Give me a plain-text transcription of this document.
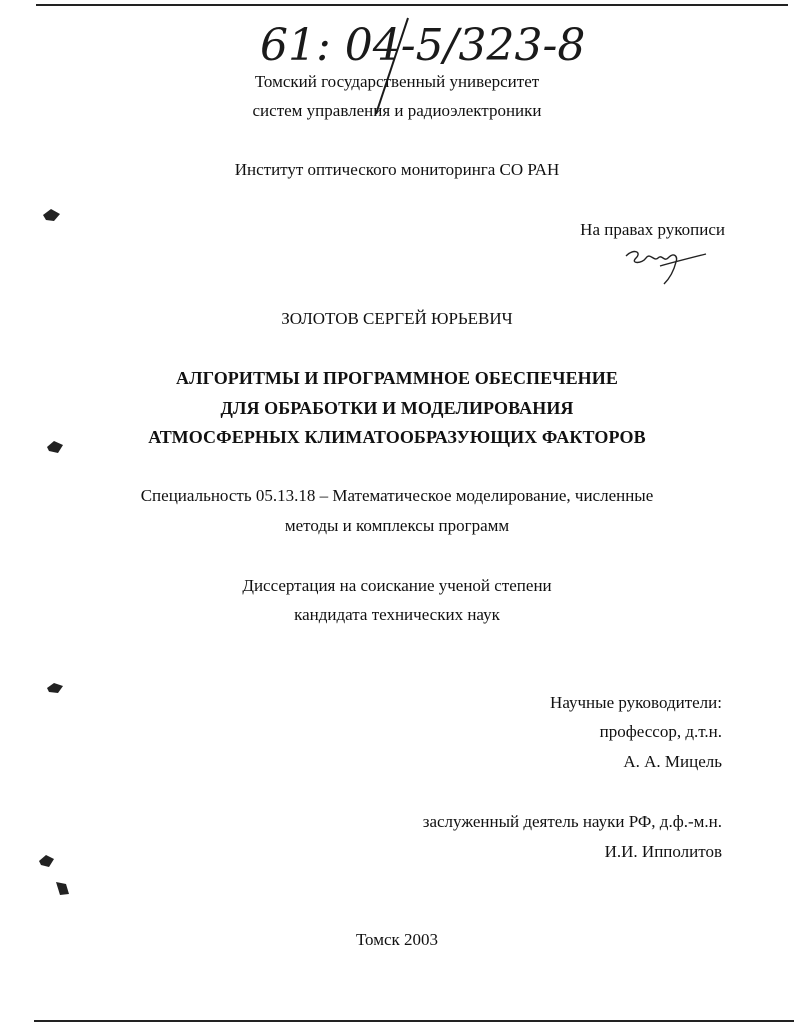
61: 04-5/323-8
Томский государственный университет
систем управления и радиоэлектроники
Институт оптического мониторинга СО РАН
На правах рукописи
ЗОЛОТОВ СЕРГЕЙ ЮРЬЕВИЧ
АЛГОРИТМЫ И ПРОГРАММНОЕ ОБЕСПЕЧЕНИЕ
ДЛЯ ОБРАБОТКИ И МОДЕЛИРОВАНИЯ
АТМОСФЕРНЫХ КЛИМАТООБРАЗУЮЩИХ ФАКТОРОВ
Специальность 05.13.18 – Математическое моделирование, численные
методы и комплексы программ
Диссертация на соискание ученой степени
кандидата технических наук
Научные руководители:
профессор, д.т.н.
А. А. Мицель
заслуженный деятель науки РФ, д.ф.-м.н.
И.И. Ипполитов
Томск 2003
